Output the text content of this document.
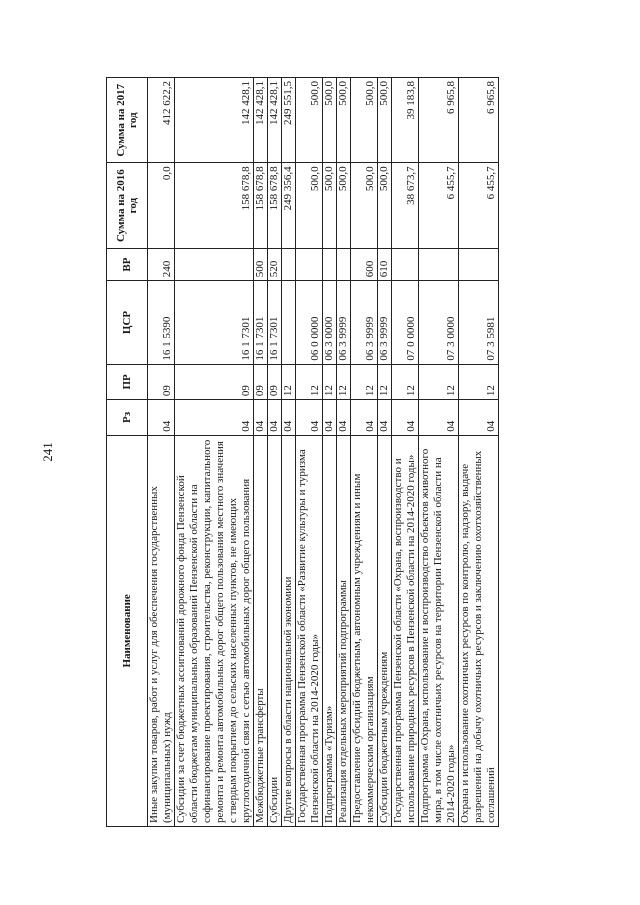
241
Наименование	Рз	ПР	ЦСР	ВР	Сумма на 2016 год	Сумма на 2017 год
Иные закупки товаров, работ и услуг для обеспечения государственных (муниципальных) нужд	04	09	16 1 5390	240	0,0	412 622,2
Субсидии за счет бюджетных ассигнований дорожного фонда Пензенской области бюджетам муниципальных образований Пензенской области на софинансирование проектирования, строительства, реконструкции, капитального ремонта и ремонта автомобильных дорог общего пользования местного значения с твердым покрытием до сельских населенных пунктов, не имеющих круглогодичной связи с сетью автомобильных дорог общего пользования	04	09	16 1 7301		158 678,8	142 428,1
Межбюджетные трансферты	04	09	16 1 7301	500	158 678,8	142 428,1
Субсидии	04	09	16 1 7301	520	158 678,8	142 428,1
Другие вопросы в области национальной экономики	04	12			249 356,4	249 551,5
Государственная программа Пензенской области «Развитие культуры и туризма Пензенской области на 2014-2020 годы»	04	12	06 0 0000		500,0	500,0
Подпрограмма «Туризм»	04	12	06 3 0000		500,0	500,0
Реализация отдельных мероприятий подпрограммы	04	12	06 3 9999		500,0	500,0
Предоставление субсидий бюджетным, автономным учреждениям и иным некоммерческим организациям	04	12	06 3 9999	600	500,0	500,0
Субсидии бюджетным учреждениям	04	12	06 3 9999	610	500,0	500,0
Государственная программа Пензенской области «Охрана, воспроизводство и использование природных ресурсов в Пензенской области на 2014-2020 годы»	04	12	07 0 0000		38 673,7	39 183,8
Подпрограмма «Охрана, использование и воспроизводство объектов животного мира, в том числе охотничьих ресурсов на территории Пензенской области на 2014-2020 годы»	04	12	07 3 0000		6 455,7	6 965,8
Охрана и использование охотничьих ресурсов по контролю, надзору, выдаче разрешений на добычу охотничьих ресурсов и заключению охотхозяйственных соглашений	04	12	07 3 5981		6 455,7	6 965,8
